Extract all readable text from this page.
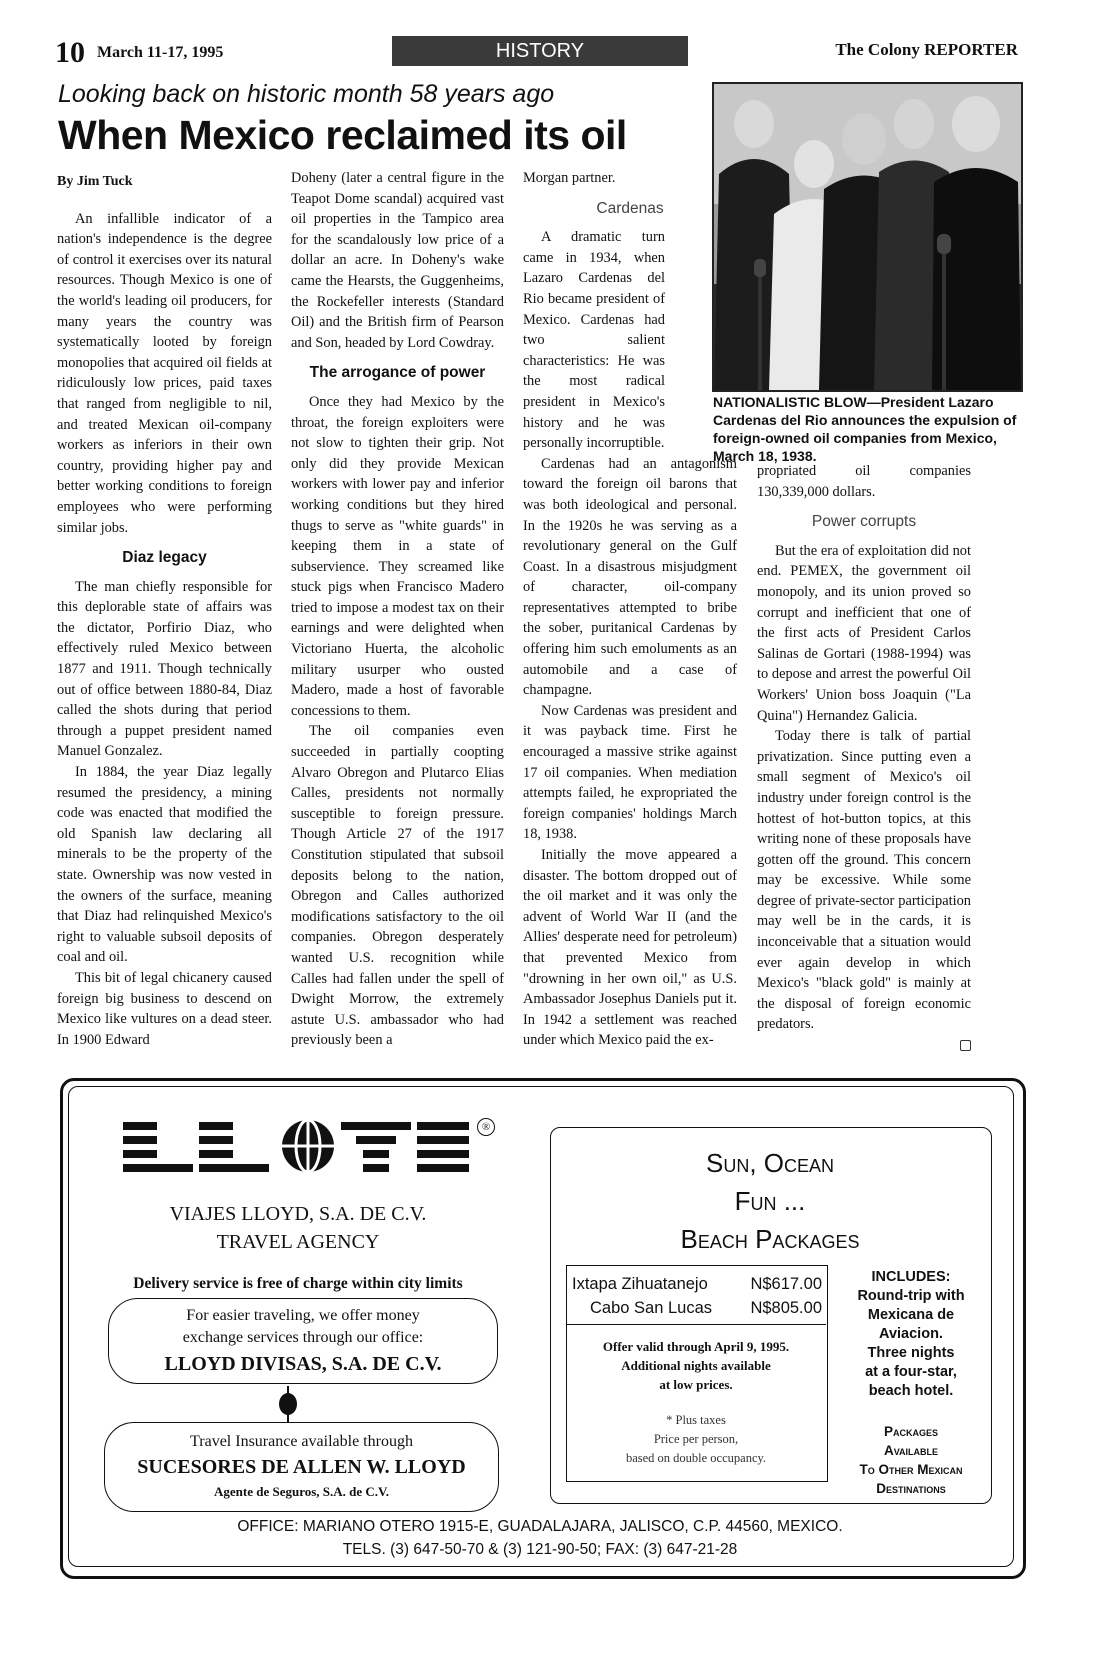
10 March 11-17, 1995	HISTORY	The Colony REPORTER
Looking back on historic month 58 years ago
When Mexico reclaimed its oil

By Jim Tuck

An infallible indicator of a nation's independence is the degree of control it exercises over its natural resources. Though Mexico is one of the world's leading oil producers, for many years the country was systematically looted by foreign monopolies that acquired oil fields at ridiculously low prices, paid taxes that ranged from negligible to nil, and treated Mexican oil-company workers as inferiors in their own country, providing higher pay and better working conditions to foreign employees who were performing similar jobs.

Diaz legacy

The man chiefly responsible for this deplorable state of affairs was the dictator, Porfirio Diaz, who effectively ruled Mexico between 1877 and 1911. Though technically out of office between 1880-84, Diaz called the shots during that period through a puppet president named Manuel Gonzalez.

In 1884, the year Diaz legally resumed the presidency, a mining code was enacted that modified the old Spanish law declaring all minerals to be the property of the state. Ownership was now vested in the owners of the surface, meaning that Diaz had relinquished Mexico's right to valuable subsoil deposits of coal and oil.

This bit of legal chicanery caused foreign big business to descend on Mexico like vultures on a dead steer. In 1900 Edward

Doheny (later a central figure in the Teapot Dome scandal) acquired vast oil properties in the Tampico area for the scandalously low price of a dollar an acre. In Doheny's wake came the Hearsts, the Guggenheims, the Rockefeller interests (Standard Oil) and the British firm of Pearson and Son, headed by Lord Cowdray.

The arrogance of power

Once they had Mexico by the throat, the foreign exploiters were not slow to tighten their grip. Not only did they provide Mexican workers with lower pay and inferior working conditions but they hired thugs to serve as "white guards" in keeping them in a state of subservience. They screamed like stuck pigs when Francisco Madero tried to impose a modest tax on their earnings and were delighted when Victoriano Huerta, the alcoholic military usurper who ousted Madero, made a host of favorable concessions to them.

The oil companies even succeeded in partially coopting Alvaro Obregon and Plutarco Elias Calles, presidents not normally susceptible to foreign pressure. Though Article 27 of the 1917 Constitution stipulated that subsoil deposits belong to the nation, Obregon and Calles authorized modifications satisfactory to the oil companies. Obregon desperately wanted U.S. recognition while Calles had fallen under the spell of Dwight Morrow, the extremely astute U.S. ambassador who had previously been a

Morgan partner.

Cardenas

A dramatic turn came in 1934, when Lazaro Cardenas del Rio became president of Mexico. Cardenas had two salient characteristics: He was the most radical president in Mexico's history and he was personally incorruptible.

Cardenas had an antagonism toward the foreign oil barons that was both ideological and personal. In the 1920s he was serving as a revolutionary general on the Gulf Coast. In a disastrous misjudgment of character, oil-company representatives attempted to bribe the sober, puritanical Cardenas by offering him such emoluments as an automobile and a case of champagne.

Now Cardenas was president and it was payback time. First he encouraged a massive strike against 17 oil companies. When mediation attempts failed, he expropriated the foreign companies' holdings March 18, 1938.

Initially the move appeared a disaster. The bottom dropped out of the oil market and it was only the advent of World War II (and the Allies' desperate need for petroleum) that prevented Mexico from "drowning in her own oil," as U.S. Ambassador Josephus Daniels put it. In 1942 a settlement was reached under which Mexico paid the ex-

propriated oil companies 130,339,000 dollars.

Power corrupts

But the era of exploitation did not end. PEMEX, the government oil monopoly, and its union proved so corrupt and inefficient that one of the first acts of President Carlos Salinas de Gortari (1988-1994) was to depose and arrest the powerful Oil Workers' Union boss Joaquin ("La Quina") Hernandez Galicia.

Today there is talk of partial privatization. Since putting even a small segment of Mexico's oil industry under foreign control is the hottest of hot-button topics, at this writing none of these proposals have gotten off the ground. This concern may be excessive. While some degree of private-sector participation may well be in the cards, it is inconceivable that a situation would ever again develop in which Mexico's "black gold" is mainly at the disposal of foreign economic predators.

NATIONALISTIC BLOW—President Lazaro Cardenas del Rio announces the expulsion of foreign-owned oil companies from Mexico, March 18, 1938.
®
VIAJES LLOYD, S.A. DE C.V.
TRAVEL AGENCY
Delivery service is free of charge within city limits
For easier traveling, we offer money
exchange services through our office:
LLOYD DIVISAS, S.A. DE C.V.
Travel Insurance available through
SUCESORES DE ALLEN W. LLOYD
Agente de Seguros, S.A. de C.V.
Sun, Ocean
Fun ...
Beach Packages
Ixtapa Zihuatanejo	N$617.00
Cabo San Lucas N$805.00
Offer valid through April 9, 1995.
Additional nights available
at low prices.
* Plus taxes
Price per person,
based on double occupancy.
INCLUDES:
Round-trip with
Mexicana de
Aviacion.
Three nights
at a four-star,
beach hotel.
Packages
Available
To Other Mexican
Destinations
OFFICE: MARIANO OTERO 1915-E, GUADALAJARA, JALISCO, C.P. 44560, MEXICO.
TELS. (3) 647-50-70 & (3) 121-90-50; FAX: (3) 647-21-28
